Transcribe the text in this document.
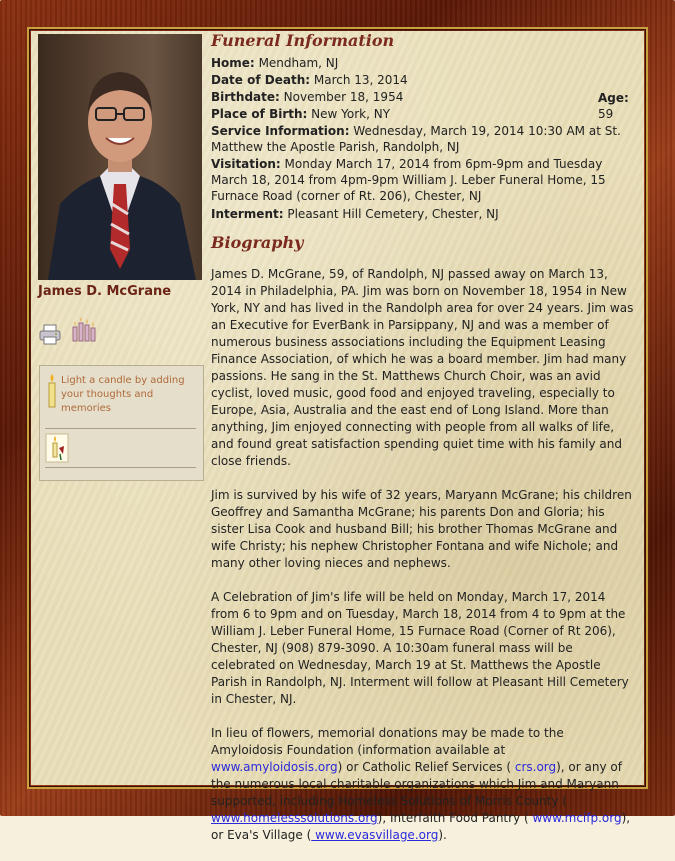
James D. McGrane
Light a candle by adding your thoughts and memories
Funeral Information
Home: Mendham, NJ
Date of Death: March 13, 2014
Birthdate: November 18, 1954
Place of Birth: New York, NY
Age:
59
Service Information: Wednesday, March 19, 2014 10:30 AM at St. Matthew the Apostle Parish, Randolph, NJ
Visitation: Monday March 17, 2014 from 6pm-9pm and Tuesday March 18, 2014 from 4pm-9pm William J. Leber Funeral Home, 15 Furnace Road (corner of Rt. 206), Chester, NJ
Interment: Pleasant Hill Cemetery, Chester, NJ
Biography

James D. McGrane, 59, of Randolph, NJ passed away on March 13, 2014 in Philadelphia, PA. Jim was born on November 18, 1954 in New York, NY and has lived in the Randolph area for over 24 years. Jim was an Executive for EverBank in Parsippany, NJ and was a member of numerous business associations including the Equipment Leasing Finance Association, of which he was a board member. Jim had many passions. He sang in the St. Matthews Church Choir, was an avid cyclist, loved music, good food and enjoyed traveling, especially to Europe, Asia, Australia and the east end of Long Island. More than anything, Jim enjoyed connecting with people from all walks of life, and found great satisfaction spending quiet time with his family and close friends.

Jim is survived by his wife of 32 years, Maryann McGrane; his children Geoffrey and Samantha McGrane; his parents Don and Gloria; his sister Lisa Cook and husband Bill; his brother Thomas McGrane and wife Christy; his nephew Christopher Fontana and wife Nichole; and many other loving nieces and nephews.

A Celebration of Jim's life will be held on Monday, March 17, 2014 from 6 to 9pm and on Tuesday, March 18, 2014 from 4 to 9pm at the William J. Leber Funeral Home, 15 Furnace Road (Corner of Rt 206), Chester, NJ (908) 879-3090. A 10:30am funeral mass will be celebrated on Wednesday, March 19 at St. Matthews the Apostle Parish in Randolph, NJ. Interment will follow at Pleasant Hill Cemetery in Chester, NJ.

In lieu of flowers, memorial donations may be made to the Amyloidosis Foundation (information available at www.amyloidosis.org) or Catholic Relief Services ( crs.org), or any of the numerous local charitable organizations which Jim and Maryann supported, including Homeless Solutions of Morris County ( www.homelesssolutions.org), Interfaith Food Pantry ( www.mcifp.org), or Eva's Village ( www.evasvillage.org).
